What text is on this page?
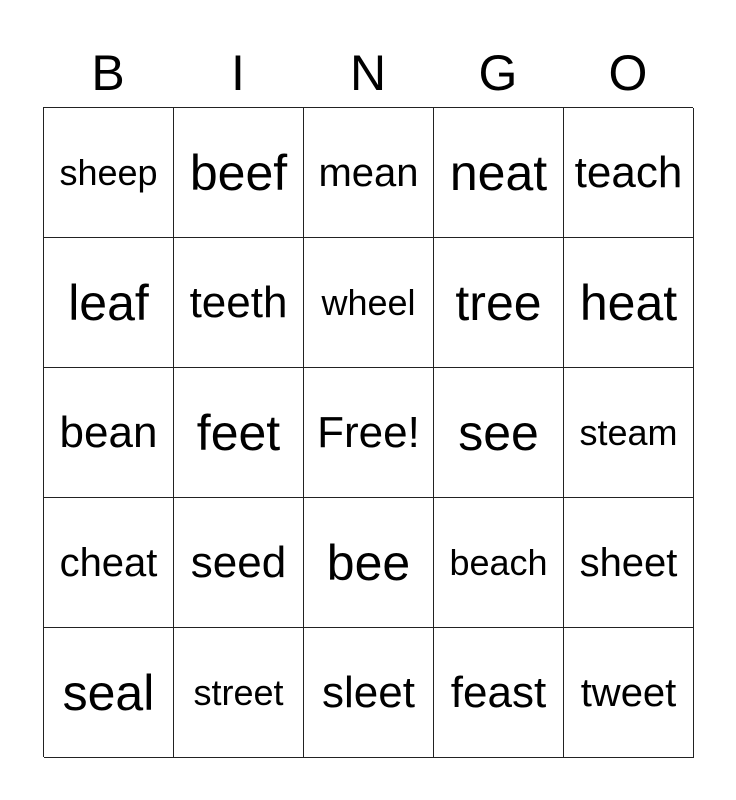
B	I	N	G	O
sheep beef mean neat teach
leaf teeth wheel tree heat
bean feet Free! see	steam
cheat seed bee	beach sheet
seal	street sleet feast tweet
